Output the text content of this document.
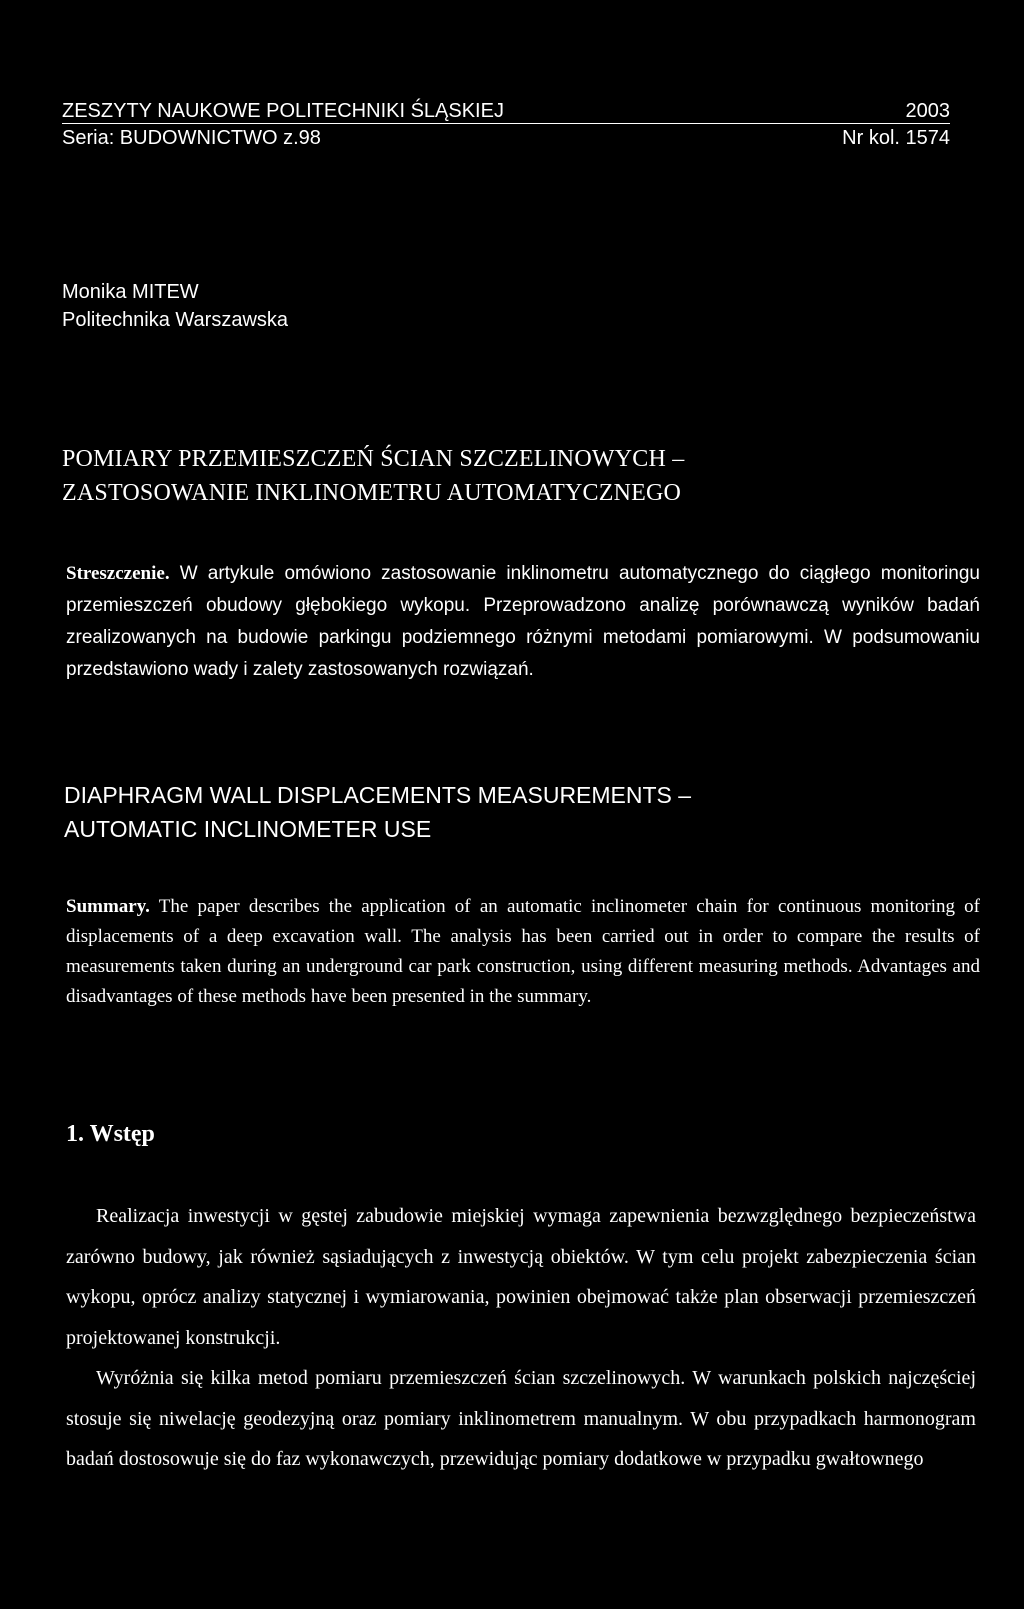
ZESZYTY NAUKOWE POLITECHNIKI ŚLĄSKIEJ	2003
Seria: BUDOWNICTWO z.98	Nr kol. 1574
Monika MITEW
Politechnika Warszawska
POMIARY PRZEMIESZCZEŃ ŚCIAN SZCZELINOWYCH –
ZASTOSOWANIE INKLINOMETRU AUTOMATYCZNEGO
Streszczenie. W artykule omówiono zastosowanie inklinometru automatycznego do ciągłego monitoringu przemieszczeń obudowy głębokiego wykopu. Przeprowadzono analizę porównawczą wyników badań zrealizowanych na budowie parkingu podziemnego różnymi metodami pomiarowymi. W podsumowaniu przedstawiono wady i zalety zastosowanych rozwiązań.
DIAPHRAGM WALL DISPLACEMENTS MEASUREMENTS –
AUTOMATIC INCLINOMETER USE
Summary. The paper describes the application of an automatic inclinometer chain for continuous monitoring of displacements of a deep excavation wall. The analysis has been carried out in order to compare the results of measurements taken during an underground car park construction, using different measuring methods. Advantages and disadvantages of these methods have been presented in the summary.
1. Wstęp

Realizacja inwestycji w gęstej zabudowie miejskiej wymaga zapewnienia bezwzględnego bezpieczeństwa zarówno budowy, jak również sąsiadujących z inwestycją obiektów. W tym celu projekt zabezpieczenia ścian wykopu, oprócz analizy statycznej i wymiarowania, powinien obejmować także plan obserwacji przemieszczeń projektowanej konstrukcji.

Wyróżnia się kilka metod pomiaru przemieszczeń ścian szczelinowych. W warunkach polskich najczęściej stosuje się niwelację geodezyjną oraz pomiary inklinometrem manualnym. W obu przypadkach harmonogram badań dostosowuje się do faz wykonawczych, przewidując pomiary dodatkowe w przypadku gwałtownego
